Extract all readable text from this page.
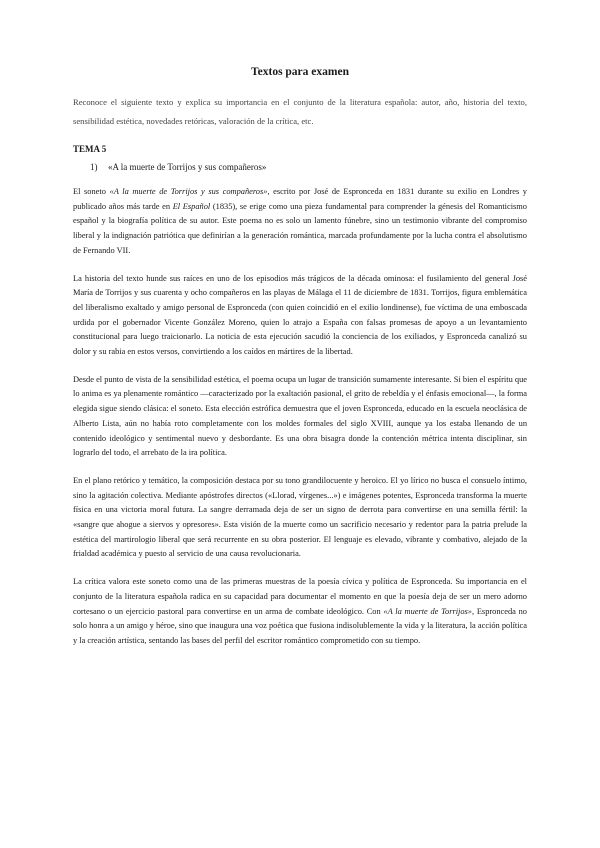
Textos para examen
Reconoce el siguiente texto y explica su importancia en el conjunto de la literatura española: autor, año, historia del texto, sensibilidad estética, novedades retóricas, valoración de la crítica, etc.
TEMA 5
1)	«A la muerte de Torrijos y sus compañeros»

El soneto «A la muerte de Torrijos y sus compañeros», escrito por José de Espronceda en 1831 durante su exilio en Londres y publicado años más tarde en El Español (1835), se erige como una pieza fundamental para comprender la génesis del Romanticismo español y la biografía política de su autor. Este poema no es solo un lamento fúnebre, sino un testimonio vibrante del compromiso liberal y la indignación patriótica que definirían a la generación romántica, marcada profundamente por la lucha contra el absolutismo de Fernando VII.

La historia del texto hunde sus raíces en uno de los episodios más trágicos de la década ominosa: el fusilamiento del general José María de Torrijos y sus cuarenta y ocho compañeros en las playas de Málaga el 11 de diciembre de 1831. Torrijos, figura emblemática del liberalismo exaltado y amigo personal de Espronceda (con quien coincidió en el exilio londinense), fue víctima de una emboscada urdida por el gobernador Vicente González Moreno, quien lo atrajo a España con falsas promesas de apoyo a un levantamiento constitucional para luego traicionarlo. La noticia de esta ejecución sacudió la conciencia de los exiliados, y Espronceda canalizó su dolor y su rabia en estos versos, convirtiendo a los caídos en mártires de la libertad.

Desde el punto de vista de la sensibilidad estética, el poema ocupa un lugar de transición sumamente interesante. Si bien el espíritu que lo anima es ya plenamente romántico —caracterizado por la exaltación pasional, el grito de rebeldía y el énfasis emocional—, la forma elegida sigue siendo clásica: el soneto. Esta elección estrófica demuestra que el joven Espronceda, educado en la escuela neoclásica de Alberto Lista, aún no había roto completamente con los moldes formales del siglo XVIII, aunque ya los estaba llenando de un contenido ideológico y sentimental nuevo y desbordante. Es una obra bisagra donde la contención métrica intenta disciplinar, sin lograrlo del todo, el arrebato de la ira política.

En el plano retórico y temático, la composición destaca por su tono grandilocuente y heroico. El yo lírico no busca el consuelo íntimo, sino la agitación colectiva. Mediante apóstrofes directos («Llorad, vírgenes...») e imágenes potentes, Espronceda transforma la muerte física en una victoria moral futura. La sangre derramada deja de ser un signo de derrota para convertirse en una semilla fértil: la «sangre que ahogue a siervos y opresores». Esta visión de la muerte como un sacrificio necesario y redentor para la patria prelude la estética del martirologio liberal que será recurrente en su obra posterior. El lenguaje es elevado, vibrante y combativo, alejado de la frialdad académica y puesto al servicio de una causa revolucionaria.

La crítica valora este soneto como una de las primeras muestras de la poesía cívica y política de Espronceda. Su importancia en el conjunto de la literatura española radica en su capacidad para documentar el momento en que la poesía deja de ser un mero adorno cortesano o un ejercicio pastoral para convertirse en un arma de combate ideológico. Con «A la muerte de Torrijos», Espronceda no solo honra a un amigo y héroe, sino que inaugura una voz poética que fusiona indisolublemente la vida y la literatura, la acción política y la creación artística, sentando las bases del perfil del escritor romántico comprometido con su tiempo.
